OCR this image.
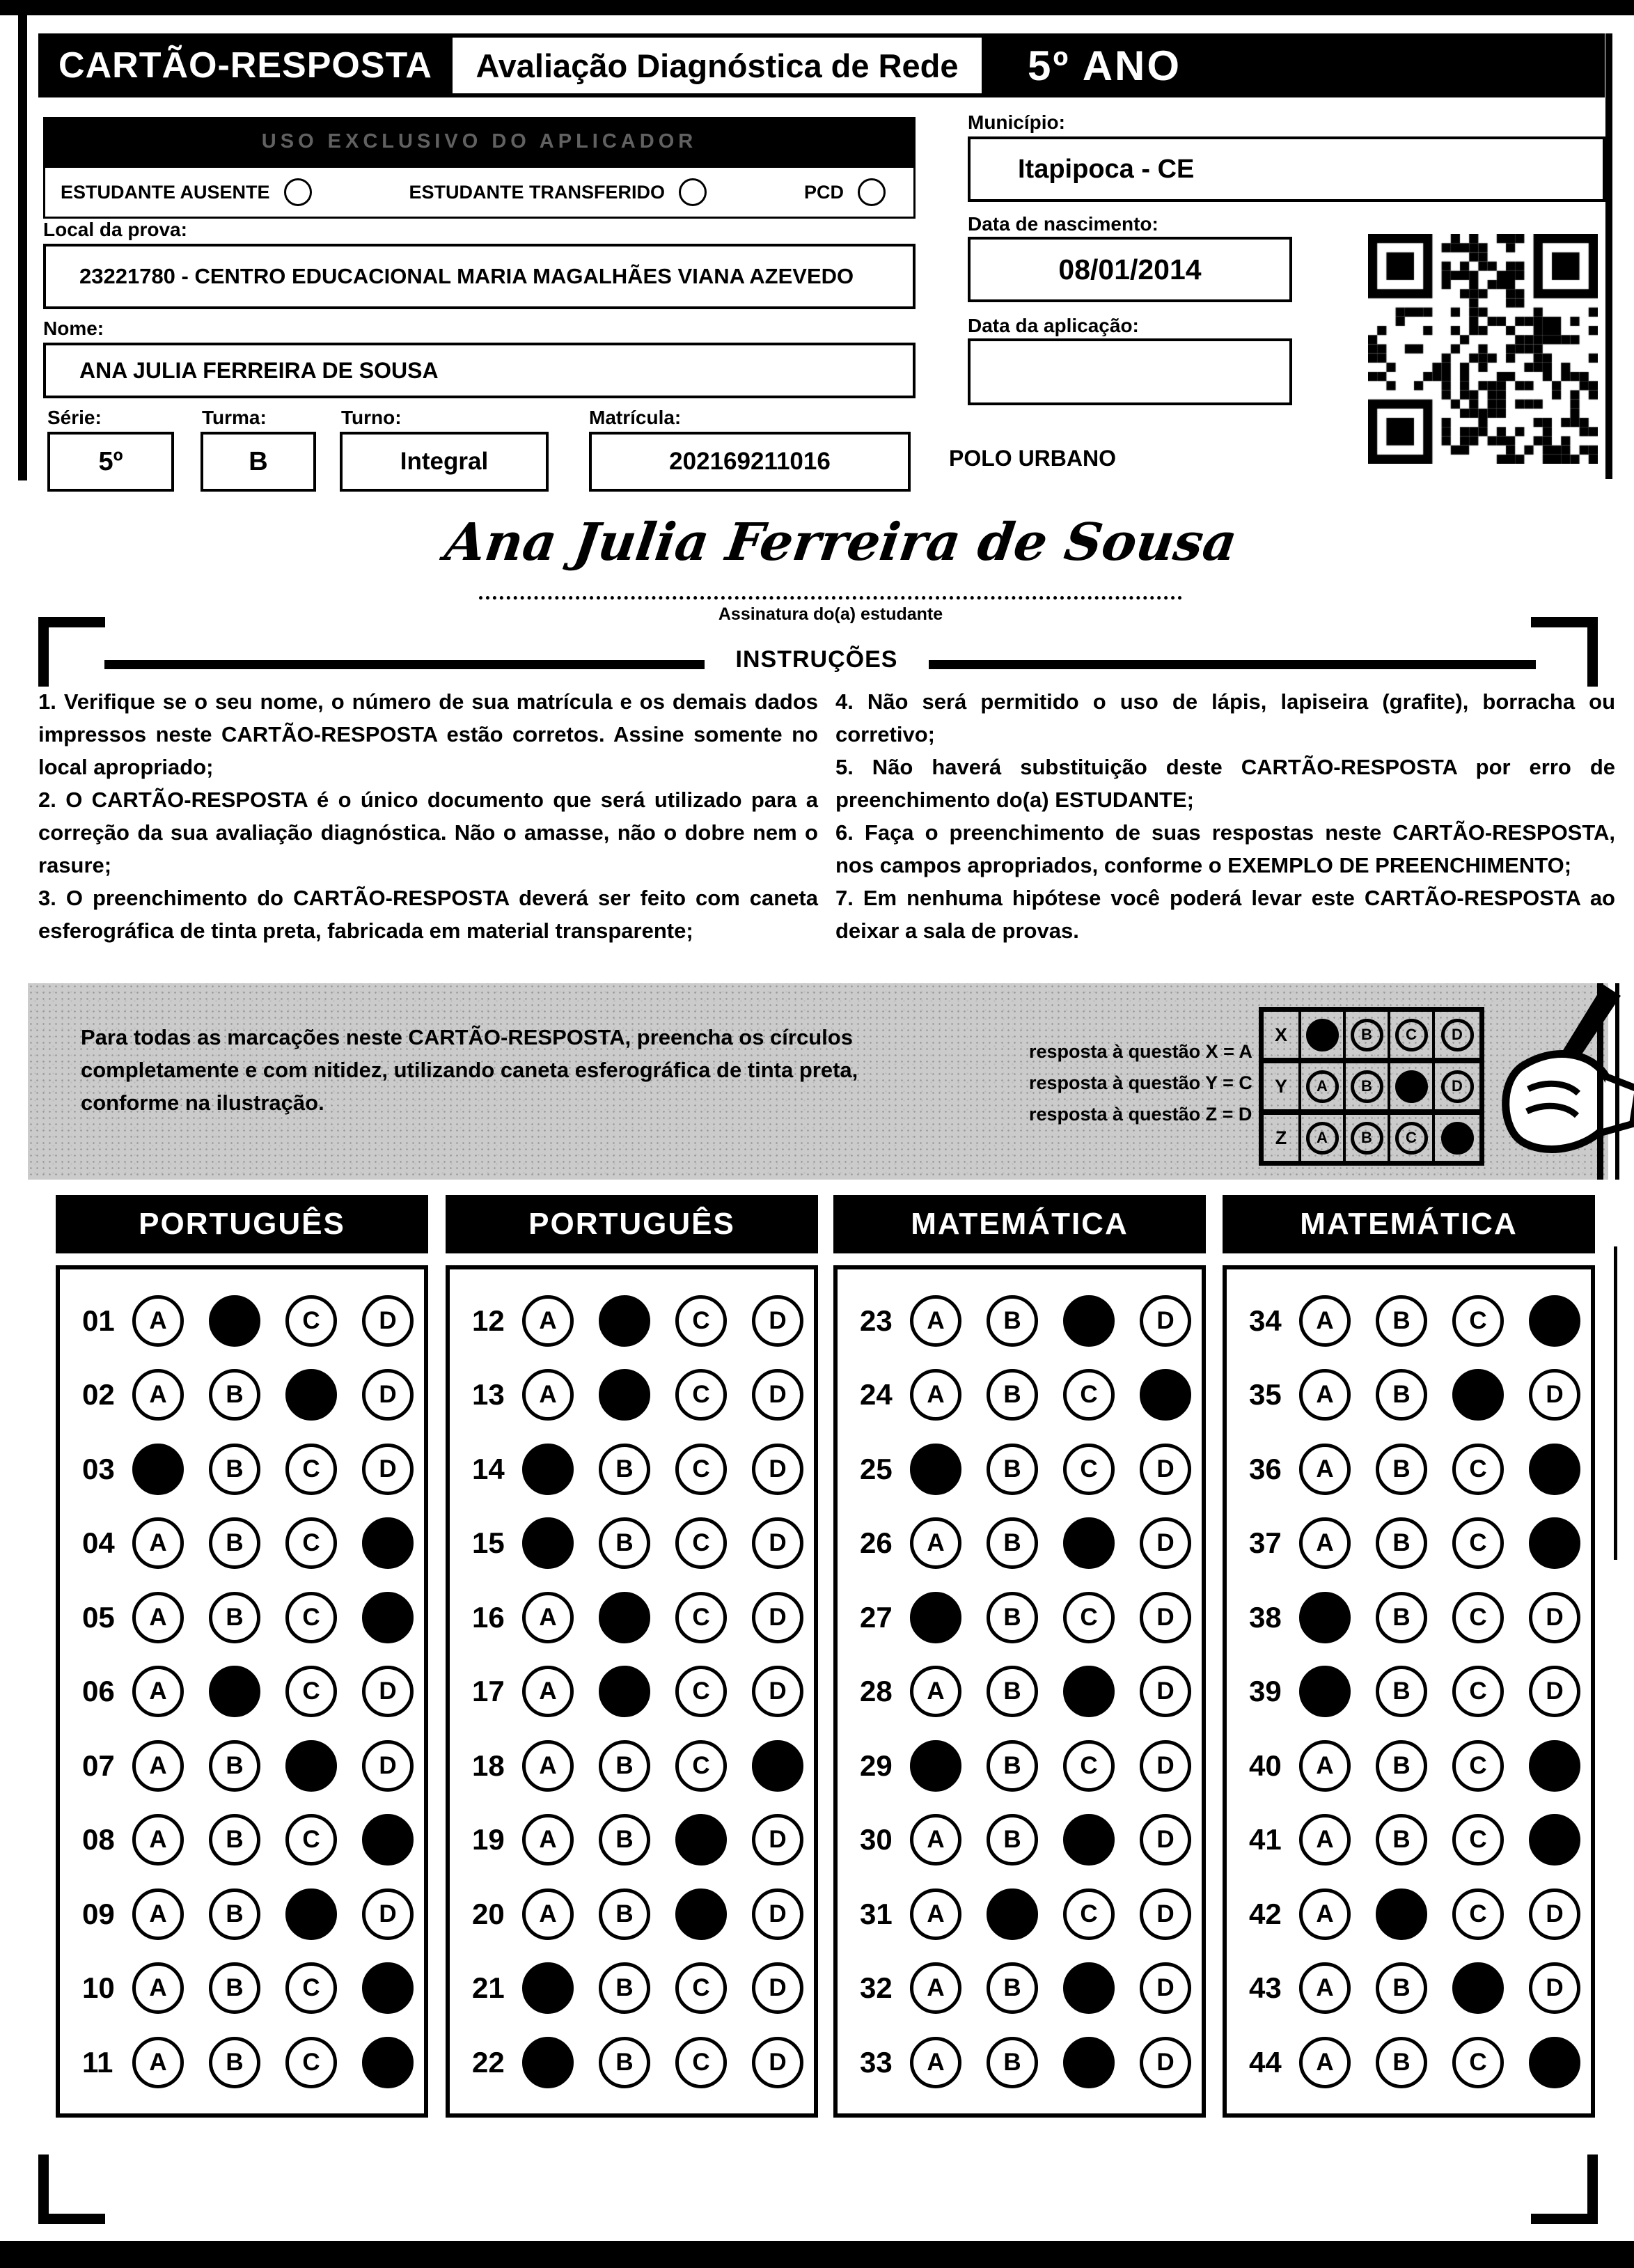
CARTÃO-RESPOSTA	Avaliação Diagnóstica de Rede	5º ANO
USO EXCLUSIVO DO APLICADOR
ESTUDANTE AUSENTE	ESTUDANTE TRANSFERIDO	PCD
Local da prova:
23221780 - CENTRO EDUCACIONAL MARIA MAGALHÃES VIANA AZEVEDO
Nome:
ANA JULIA FERREIRA DE SOUSA
Série:	Turma:	Turno:	Matrícula:
5º	B	Integral	202169211016
Município:
Itapipoca - CE
Data de nascimento:
08/01/2014
Data da aplicação:
POLO URBANO
Ana Julia Ferreira de Sousa
Assinatura do(a) estudante
INSTRUÇÕES

1. Verifique se o seu nome, o número de sua matrícula e os demais dados impressos neste CARTÃO-RESPOSTA estão corretos. Assine somente no local apropriado;

2. O CARTÃO-RESPOSTA é o único documento que será utilizado para a correção da sua avaliação diagnóstica. Não o amasse, não o dobre nem o rasure;

3. O preenchimento do CARTÃO-RESPOSTA deverá ser feito com caneta esferográfica de tinta preta, fabricada em material transparente;

4. Não será permitido o uso de lápis, lapiseira (grafite), borracha ou corretivo;

5. Não haverá substituição deste CARTÃO-RESPOSTA por erro de preenchimento do(a) ESTUDANTE;

6. Faça o preenchimento de suas respostas neste CARTÃO-RESPOSTA, nos campos apropriados, conforme o EXEMPLO DE PREENCHIMENTO;

7. Em nenhuma hipótese você poderá levar este CARTÃO-RESPOSTA ao deixar a sala de provas.

Para todas as marcações neste CARTÃO-RESPOSTA, preencha os círculos completamente e com nitidez, utilizando caneta esferográfica de tinta preta, conforme na ilustração.
resposta à questão X = A
resposta à questão Y = C
resposta à questão Z = D
X	B	C	D
Y	A	B	D
Z	A	B	C
PORTUGUÊS
01	A	C	D
02	A	B	D
03	B	C	D
04	A	B	C
05	A	B	C
06	A	C	D
07	A	B	D
08	A	B	C
09	A	B	D
10	A	B	C
11	A	B	C
PORTUGUÊS
12	A	C	D
13	A	C	D
14	B	C	D
15	B	C	D
16	A	C	D
17	A	C	D
18	A	B	C
19	A	B	D
20	A	B	D
21	B	C	D
22	B	C	D
MATEMÁTICA
23	A	B	D
24	A	B	C
25	B	C	D
26	A	B	D
27	B	C	D
28	A	B	D
29	B	C	D
30	A	B	D
31	A	C	D
32	A	B	D
33	A	B	D
MATEMÁTICA
34	A	B	C
35	A	B	D
36	A	B	C
37	A	B	C
38	B	C	D
39	B	C	D
40	A	B	C
41	A	B	C
42	A	C	D
43	A	B	D
44	A	B	C
